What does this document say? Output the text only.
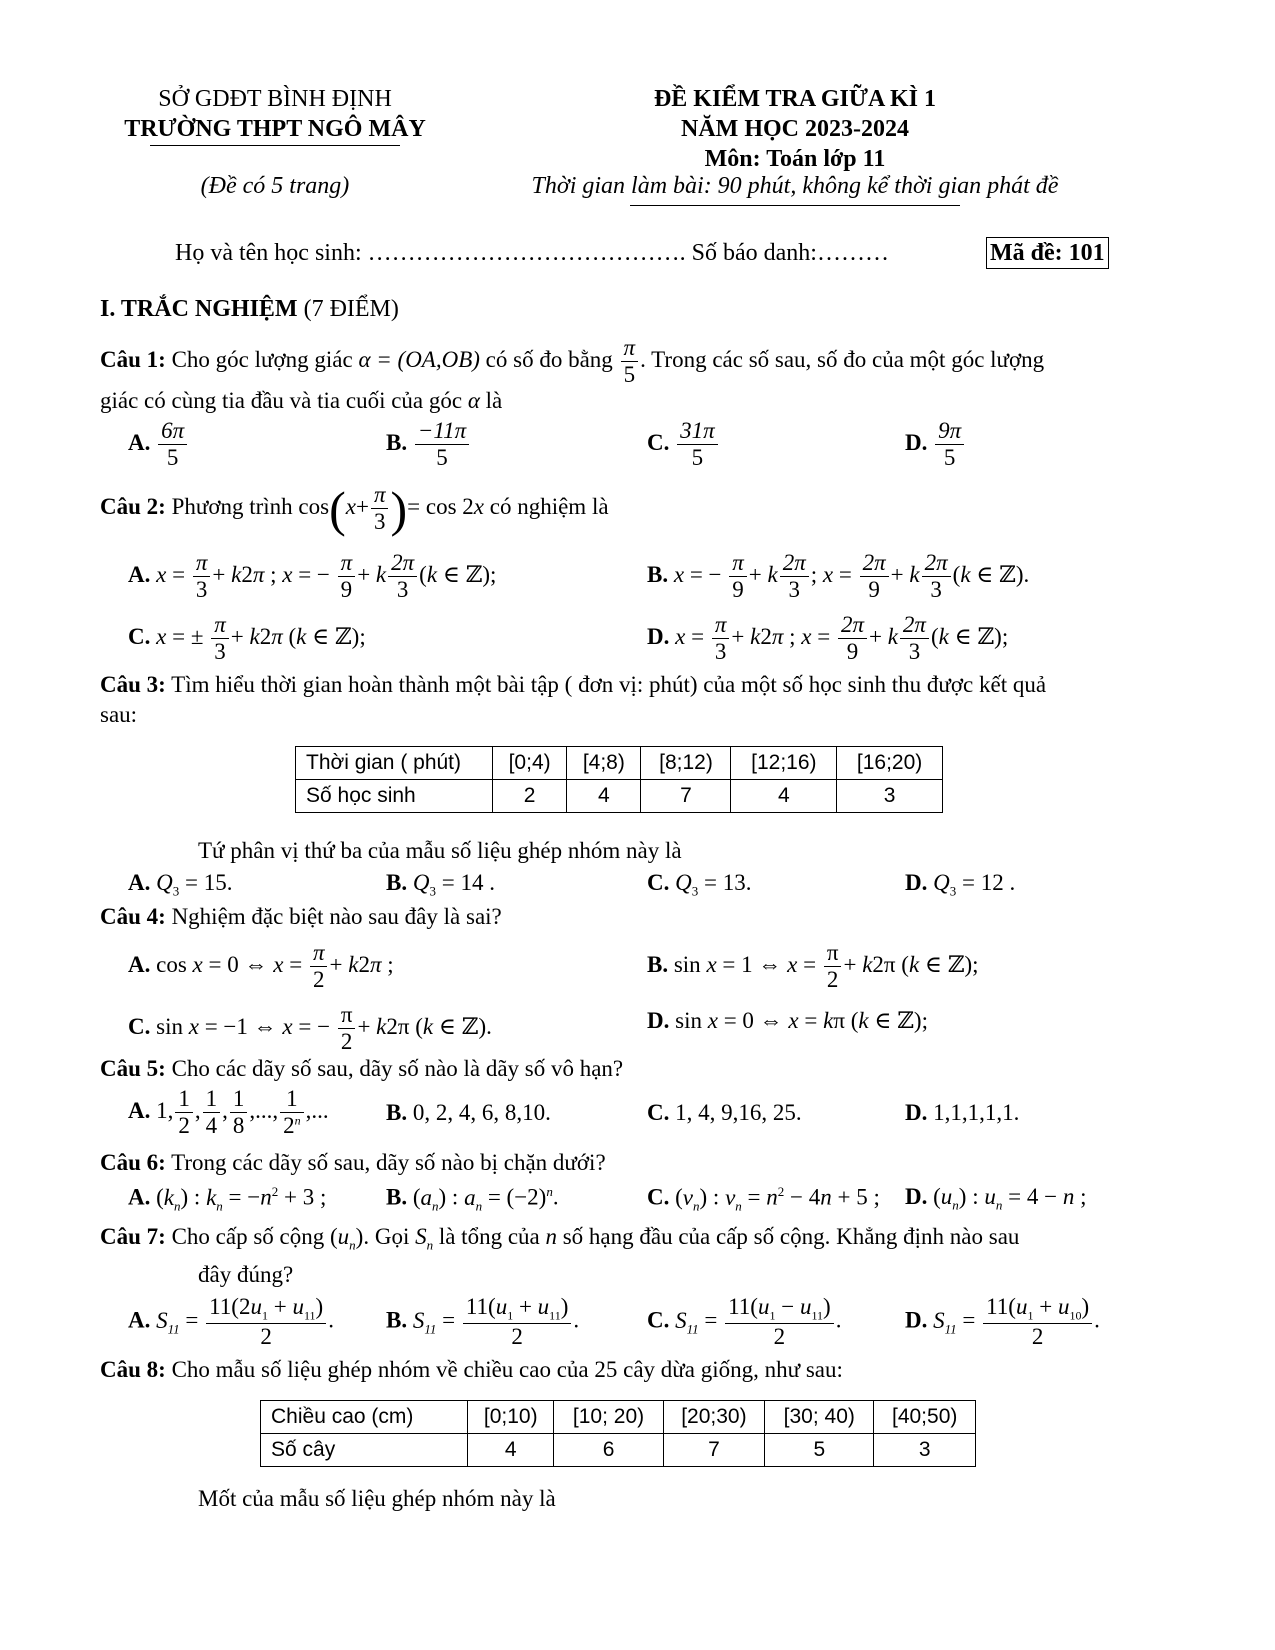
SỞ GDĐT BÌNH ĐỊNH
TRƯỜNG THPT NGÔ MÂY
(Đề có 5 trang)
ĐỀ KIỂM TRA GIỮA KÌ 1
NĂM HỌC 2023-2024
Môn: Toán lớp 11
Thời gian làm bài: 90 phút, không kể thời gian phát đề
Họ và tên học sinh: …………………………………. Số báo danh:………	Mã đề: 101
I. TRẮC NGHIỆM (7 ĐIỂM)
Câu 1: Cho góc lượng giác α = (OA,OB) có số đo bằng $\frac{\pi}{5}$ . Trong các số sau, số đo của một góc lượng
giác có cùng tia đầu và tia cuối của góc α là
A. $\frac{6\pi}{5}$	B. $\frac{-11\pi}{5}$	C. $\frac{31\pi}{5}$	D. $\frac{9\pi}{5}$
Câu 2: Phương trình $\cos(x+ \frac{\pi}{3}$ )= cos 2x có nghiệm là
A. $x = \frac{\pi}{3} + k2\pi$ ; x = − $\frac{\pi}{9} + k \frac{2\pi}{3} (k$ ∈ ℤ);	B. x = − $\frac{\pi}{9} + k \frac{2\pi}{3}$ ; $x = \frac{2\pi}{9} + k \frac{2\pi}{3} (k$ ∈ ℤ).
C. x = ± $\frac{\pi}{3} + k2\pi$ (k ∈ ℤ);	D. $x = \frac{\pi}{3} + k2\pi$ ; $x = \frac{2\pi}{9} + k \frac{2\pi}{3} (k$ ∈ ℤ);
Câu 3: Tìm hiểu thời gian hoàn thành một bài tập ( đơn vị: phút) của một số học sinh thu được kết quả
sau:
Thời gian ( phút)	[0;4)	[4;8)	[8;12)	[12;16)	[16;20)
Số học sinh	2	4	7	4	3
Tứ phân vị thứ ba của mẫu số liệu ghép nhóm này là
A. $Q_3 = 15$.	B. $Q_3 = 14$ .	C. $Q_3 = 13$.	D. $Q_3 = 12$ .
Câu 4: Nghiệm đặc biệt nào sau đây là sai?
A. cos x = 0 ⇔ $x = \frac{\pi}{2} + k2\pi$ ;	B. sin x = 1 ⇔ $x = \frac{\pi}{2} + k2\pi$ (k ∈ ℤ);
C. sin x = −1 ⇔ x = − $\frac{\pi}{2} + k2\pi$ (k ∈ ℤ).	D. sin x = 0 ⇔ x = kπ (k ∈ ℤ);
Câu 5: Cho các dãy số sau, dãy số nào là dãy số vô hạn?
A. 1, $\frac{1}{2}$ , $\frac{1}{4}$ , $\frac{1}{8}$ ,..., $\frac{1}{2^n}$ ,... B. 0, 2, 4, 6, 8,10.	C. 1, 4, 9,16, 25.	D. 1,1,1,1,1.
Câu 6: Trong các dãy số sau, dãy số nào bị chặn dưới?
A. $(k_n)$ : $k_n = -n^2 + 3$ ;	B. $(a_n)$ : $a_n = (-2)^n$.	C. $(v_n)$ : $v_n = n^2 - 4n + 5$ ; D. $(u_n)$ : $u_n = 4 - n$ ;
Câu 7: Cho cấp số cộng $(u_n)$. Gọi $S_n$ là tổng của n số hạng đầu của cấp số cộng. Khẳng định nào sau
đây đúng?
A. $S_{11} = \frac{11(2u_1 + u_{11})}{2}$ . B. $S_{11} = \frac{11(u_1 + u_{11})}{2}$ .	C. $S_{11} = \frac{11(u_1 - u_{11})}{2}$ .	D. $S_{11} = \frac{11(u_1 + u_{10})}{2}$ .
Câu 8: Cho mẫu số liệu ghép nhóm về chiều cao của 25 cây dừa giống, như sau:
Chiều cao (cm)	[0;10)	[10; 20)	[20;30)	[30; 40)	[40;50)
Số cây	4	6	7	5	3
Mốt của mẫu số liệu ghép nhóm này là
